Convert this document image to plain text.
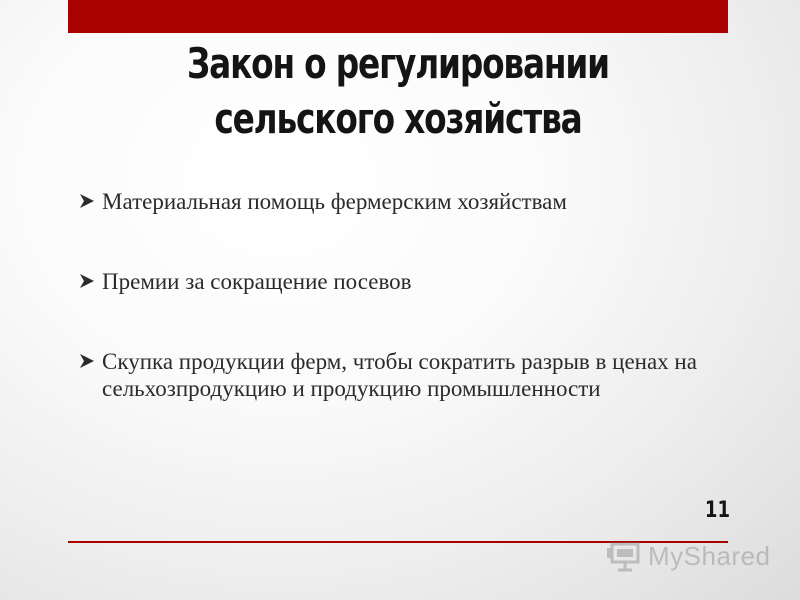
Закон о регулировании
сельского хозяйства
Материальная помощь фермерским хозяйствам
Премии за сокращение посевов
Скупка продукции ферм, чтобы сократить разрыв в ценах на сельхозпродукцию и продукцию промышленности
11
MyShared
